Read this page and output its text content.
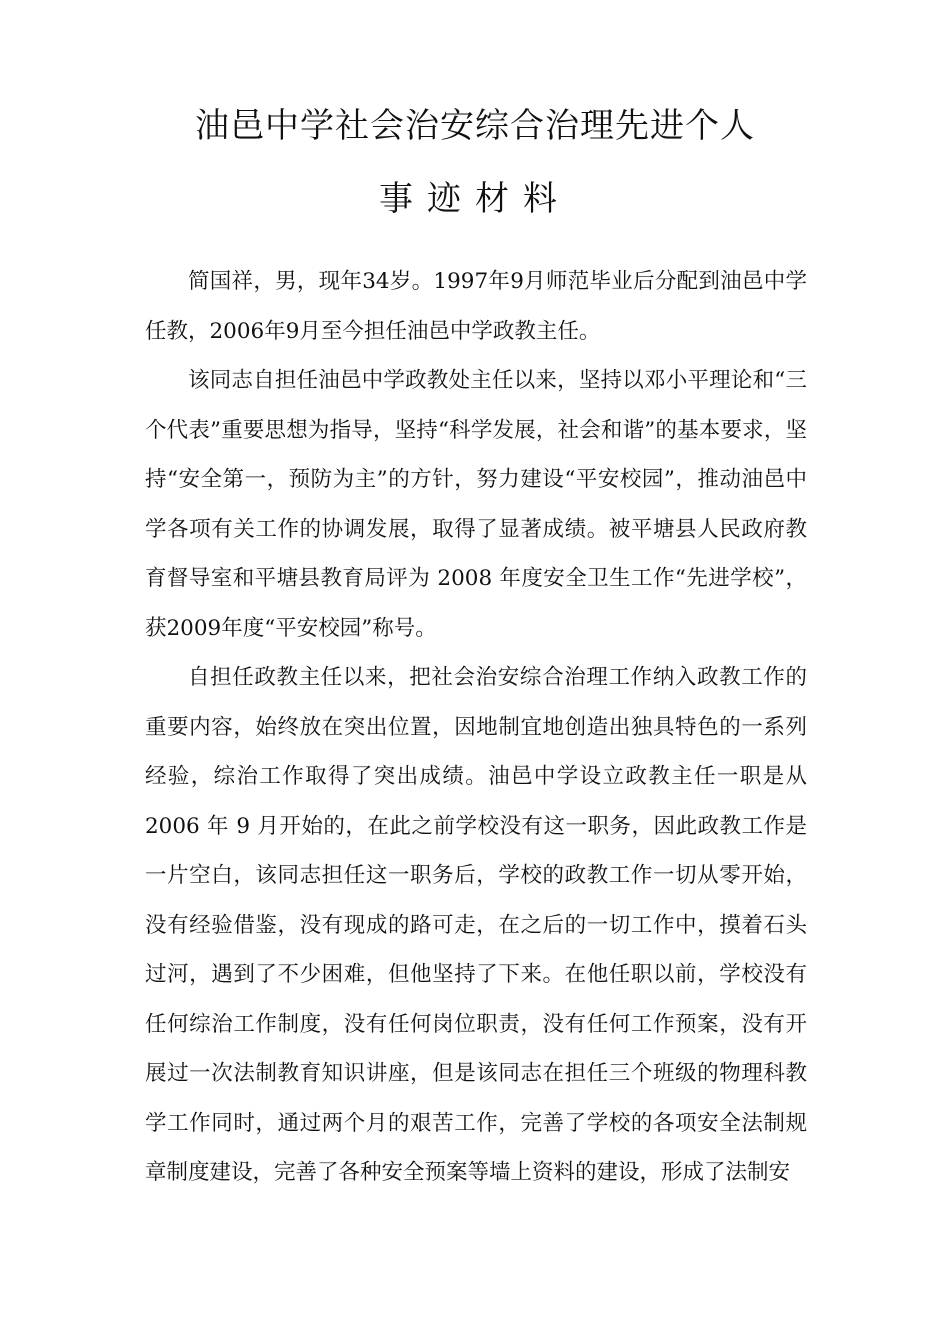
油邑中学社会治安综合治理先进个人
事迹材料

简国祥，男，现年34岁。1997年9月师范毕业后分配到油邑中学任教，2006年9月至今担任油邑中学政教主任。

该同志自担任油邑中学政教处主任以来，坚持以邓小平理论和“三个代表”重要思想为指导，坚持“科学发展，社会和谐”的基本要求，坚持“安全第一，预防为主”的方针，努力建设“平安校园”，推动油邑中学各项有关工作的协调发展，取得了显著成绩。被平塘县人民政府教育督导室和平塘县教育局评为 2008 年度安全卫生工作“先进学校”，获2009年度“平安校园”称号。

自担任政教主任以来，把社会治安综合治理工作纳入政教工作的重要内容，始终放在突出位置，因地制宜地创造出独具特色的一系列经验，综治工作取得了突出成绩。油邑中学设立政教主任一职是从2006 年 9 月开始的，在此之前学校没有这一职务，因此政教工作是一片空白，该同志担任这一职务后，学校的政教工作一切从零开始，没有经验借鉴，没有现成的路可走，在之后的一切工作中，摸着石头过河，遇到了不少困难，但他坚持了下来。在他任职以前，学校没有任何综治工作制度，没有任何岗位职责，没有任何工作预案，没有开展过一次法制教育知识讲座，但是该同志在担任三个班级的物理科教学工作同时，通过两个月的艰苦工作，完善了学校的各项安全法制规章制度建设，完善了各种安全预案等墙上资料的建设，形成了法制安
